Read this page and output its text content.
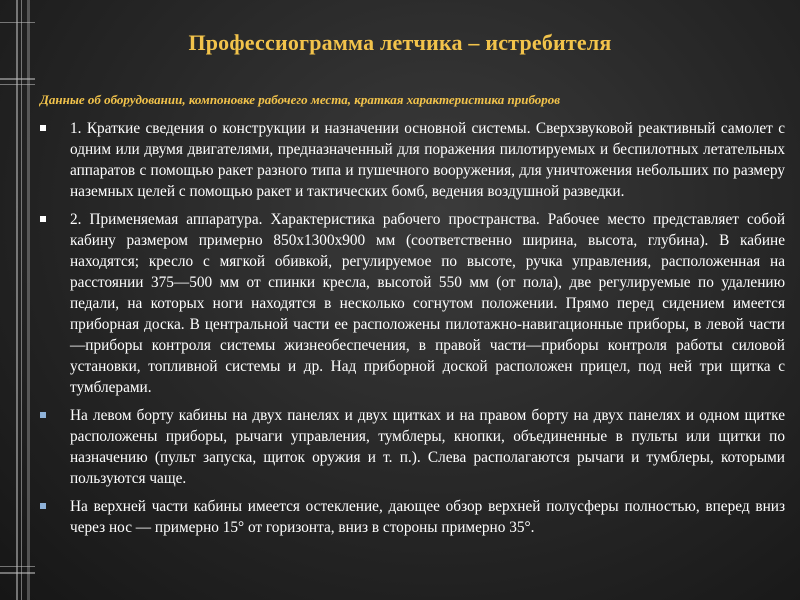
Профессиограмма летчика – истребителя
Данные об оборудовании, компоновке рабочего места, краткая характеристика приборов
1. Краткие сведения о конструкции и назначении основной системы. Сверхзвуковой реактивный самолет с одним или двумя двигателями, предназначенный для поражения пилотируемых и беспилотных летательных аппаратов с помощью ракет разного типа и пушечного вооружения, для уничтожения небольших по размеру наземных целей с помощью ракет и тактических бомб, ведения воздушной разведки.
2. Применяемая аппаратура. Характеристика рабочего пространства. Рабочее место представляет собой кабину размером примерно 850х1300х900 мм (соответственно ширина, высота, глубина). В кабине находятся; кресло с мягкой обивкой, регулируемое по высоте, ручка управления, расположенная на расстоянии 375—500 мм от спинки кресла, высотой 550 мм (от пола), две регулируемые по удалению педали, на которых ноги находятся в несколько согнутом положении. Прямо перед сидением имеется приборная доска. В центральной части ее расположены пилотажно-навигационные приборы, в левой части—приборы контроля системы жизнеобеспечения, в правой части—приборы контроля работы силовой установки, топливной системы и др. Над приборной доской расположен прицел, под ней три щитка с тумблерами.
На левом борту кабины на двух панелях и двух щитках и на правом борту на двух панелях и одном щитке расположены приборы, рычаги управления, тумблеры, кнопки, объединенные в пульты или щитки по назначению (пульт запуска, щиток оружия и т. п.). Слева располагаются рычаги и тумблеры, которыми пользуются чаще.
На верхней части кабины имеется остекление, дающее обзор верхней полусферы полностью, вперед вниз через нос — примерно 15° от горизонта, вниз в стороны примерно 35°.
